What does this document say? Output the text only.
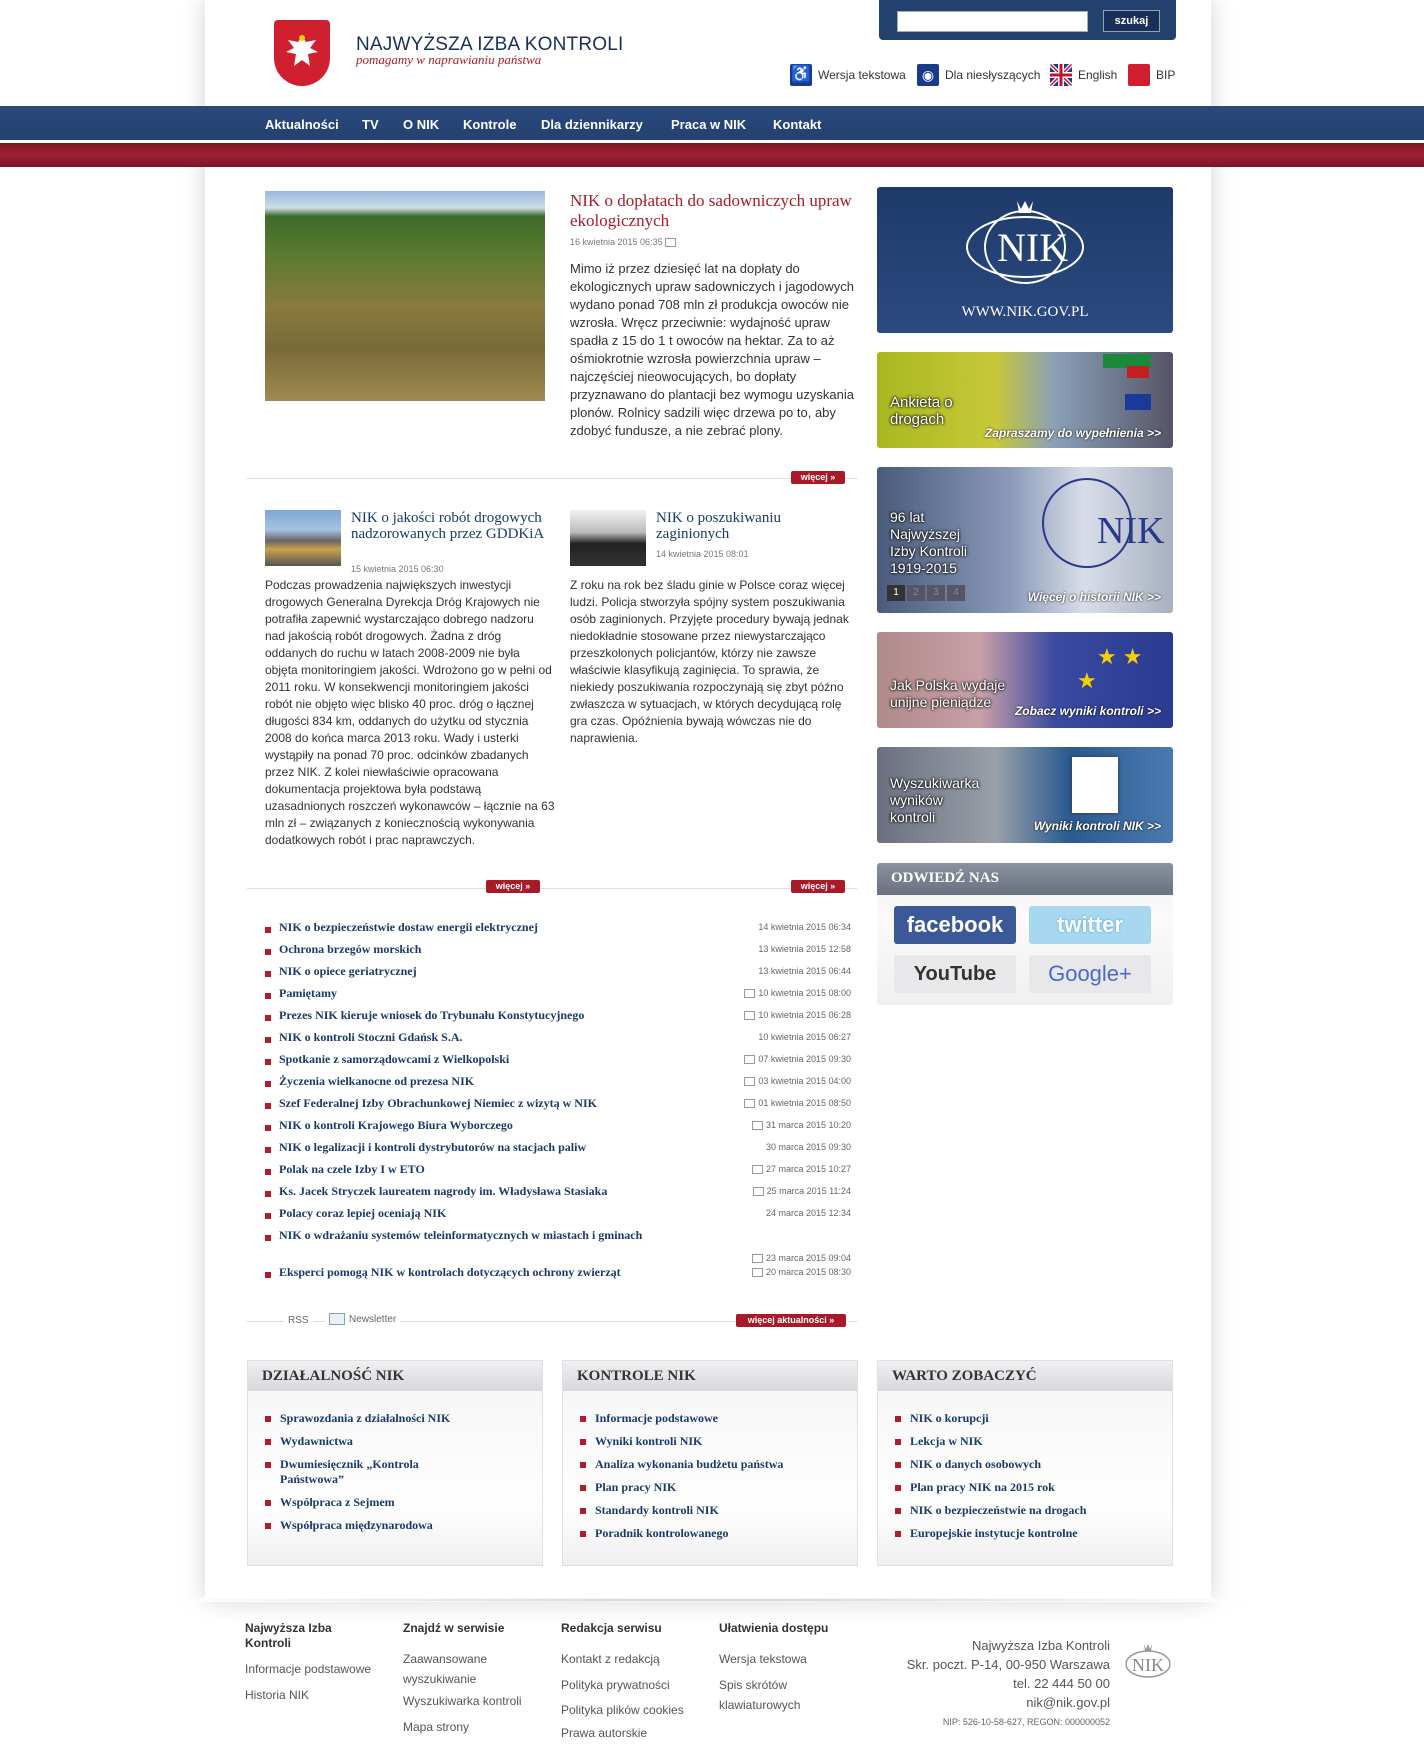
NAJWYŻSZA IZBA KONTROLI
pomagamy w naprawianiu państwa
szukaj
♿ Wersja tekstowa	◉ Dla niesłyszących	English	BIP
Aktualności TV O NIK Kontrole Dla dziennikarzy Praca w NIK Kontakt
NIK o dopłatach do sadowniczych upraw ekologicznych
16 kwietnia 2015 06:35
Mimo iż przez dziesięć lat na dopłaty do ekologicznych upraw sadowniczych i jagodowych wydano ponad 708 mln zł produkcja owoców nie wzrosła. Wręcz przeciwnie: wydajność upraw spadła z 15 do 1 t owoców na hektar. Za to aż ośmiokrotnie wzrosła powierzchnia upraw – najczęściej nieowocujących, bo dopłaty przyznawano do plantacji bez wymogu uzyskania plonów. Rolnicy sadzili więc drzewa po to, aby zdobyć fundusze, a nie zebrać plony.
więcej »
NIK o jakości robót drogowych nadzorowanych przez GDDKiA
15 kwietnia 2015 06:30
Podczas prowadzenia największych inwestycji drogowych Generalna Dyrekcja Dróg Krajowych nie potrafiła zapewnić wystarczająco dobrego nadzoru nad jakością robót drogowych. Żadna z dróg oddanych do ruchu w latach 2008-2009 nie była objęta monitoringiem jakości. Wdrożono go w pełni od 2011 roku. W konsekwencji monitoringiem jakości robót nie objęto więc blisko 40 proc. dróg o łącznej długości 834 km, oddanych do użytku od stycznia 2008 do końca marca 2013 roku. Wady i usterki wystąpiły na ponad 70 proc. odcinków zbadanych przez NIK. Z kolei niewłaściwie opracowana dokumentacja projektowa była podstawą uzasadnionych roszczeń wykonawców – łącznie na 63 mln zł – związanych z koniecznością wykonywania dodatkowych robót i prac naprawczych.
NIK o poszukiwaniu zaginionych
14 kwietnia 2015 08:01
Z roku na rok bez śladu ginie w Polsce coraz więcej ludzi. Policja stworzyła spójny system poszukiwania osób zaginionych. Przyjęte procedury bywają jednak niedokładnie stosowane przez niewystarczająco przeszkolonych policjantów, którzy nie zawsze właściwie klasyfikują zaginięcia. To sprawia, że niekiedy poszukiwania rozpoczynają się zbyt późno zwłaszcza w sytuacjach, w których decydującą rolę gra czas. Opóźnienia bywają wówczas nie do naprawienia.
więcej »	więcej »
NIK o bezpieczeństwie dostaw energii elektrycznej	14 kwietnia 2015 06:34
Ochrona brzegów morskich	13 kwietnia 2015 12:58
NIK o opiece geriatrycznej	13 kwietnia 2015 06:44
Pamiętamy	10 kwietnia 2015 08:00
Prezes NIK kieruje wniosek do Trybunału Konstytucyjnego	10 kwietnia 2015 06:28
NIK o kontroli Stoczni Gdańsk S.A.	10 kwietnia 2015 06:27
Spotkanie z samorządowcami z Wielkopolski	07 kwietnia 2015 09:30
Życzenia wielkanocne od prezesa NIK	03 kwietnia 2015 04:00
Szef Federalnej Izby Obrachunkowej Niemiec z wizytą w NIK	01 kwietnia 2015 08:50
NIK o kontroli Krajowego Biura Wyborczego	31 marca 2015 10:20
NIK o legalizacji i kontroli dystrybutorów na stacjach paliw	30 marca 2015 09:30
Polak na czele Izby I w ETO	27 marca 2015 10:27
Ks. Jacek Stryczek laureatem nagrody im. Władysława Stasiaka	25 marca 2015 11:24
Polacy coraz lepiej oceniają NIK	24 marca 2015 12:34
NIK o wdrażaniu systemów teleinformatycznych w miastach i gminach
23 marca 2015 09:04
Eksperci pomogą NIK w kontrolach dotyczących ochrony zwierząt	20 marca 2015 08:30
RSS	Newsletter	więcej aktualności »
NIK
WWW.NIK.GOV.PL
Ankieta o drogach
Zapraszamy do wypełnienia >>
NIK
96 lat Najwyższej Izby Kontroli 1919-2015
Więcej o historii NIK >>
1	2	3	4
★★
★
Jak Polska wydaje unijne pieniądze
Zobacz wyniki kontroli >>
Wyszukiwarka wyników kontroli
Wyniki kontroli NIK >>
ODWIEDŹ NAS
facebook	twitter
YouTube	Google+
DZIAŁALNOŚĆ NIK
Sprawozdania z działalności NIK
Wydawnictwa
Dwumiesięcznik „Kontrola Państwowa”
Współpraca z Sejmem
Współpraca międzynarodowa
KONTROLE NIK
Informacje podstawowe
Wyniki kontroli NIK
Analiza wykonania budżetu państwa
Plan pracy NIK
Standardy kontroli NIK
Poradnik kontrolowanego
WARTO ZOBACZYĆ
NIK o korupcji
Lekcja w NIK
NIK o danych osobowych
Plan pracy NIK na 2015 rok
NIK o bezpieczeństwie na drogach
Europejskie instytucje kontrolne
Najwyższa Izba Kontroli
Informacje podstawowe
Historia NIK
Znajdź w serwisie
Zaawansowane wyszukiwanie
Wyszukiwarka kontroli
Mapa strony
Redakcja serwisu
Kontakt z redakcją
Polityka prywatności
Polityka plików cookies
Prawa autorskie
Ułatwienia dostępu
Wersja tekstowa
Spis skrótów klawiaturowych
Najwyższa Izba Kontroli
Skr. poczt. P-14, 00-950 Warszawa
tel. 22 444 50 00
nik@nik.gov.pl
NIP: 526-10-58-627, REGON: 000000052
NIK
